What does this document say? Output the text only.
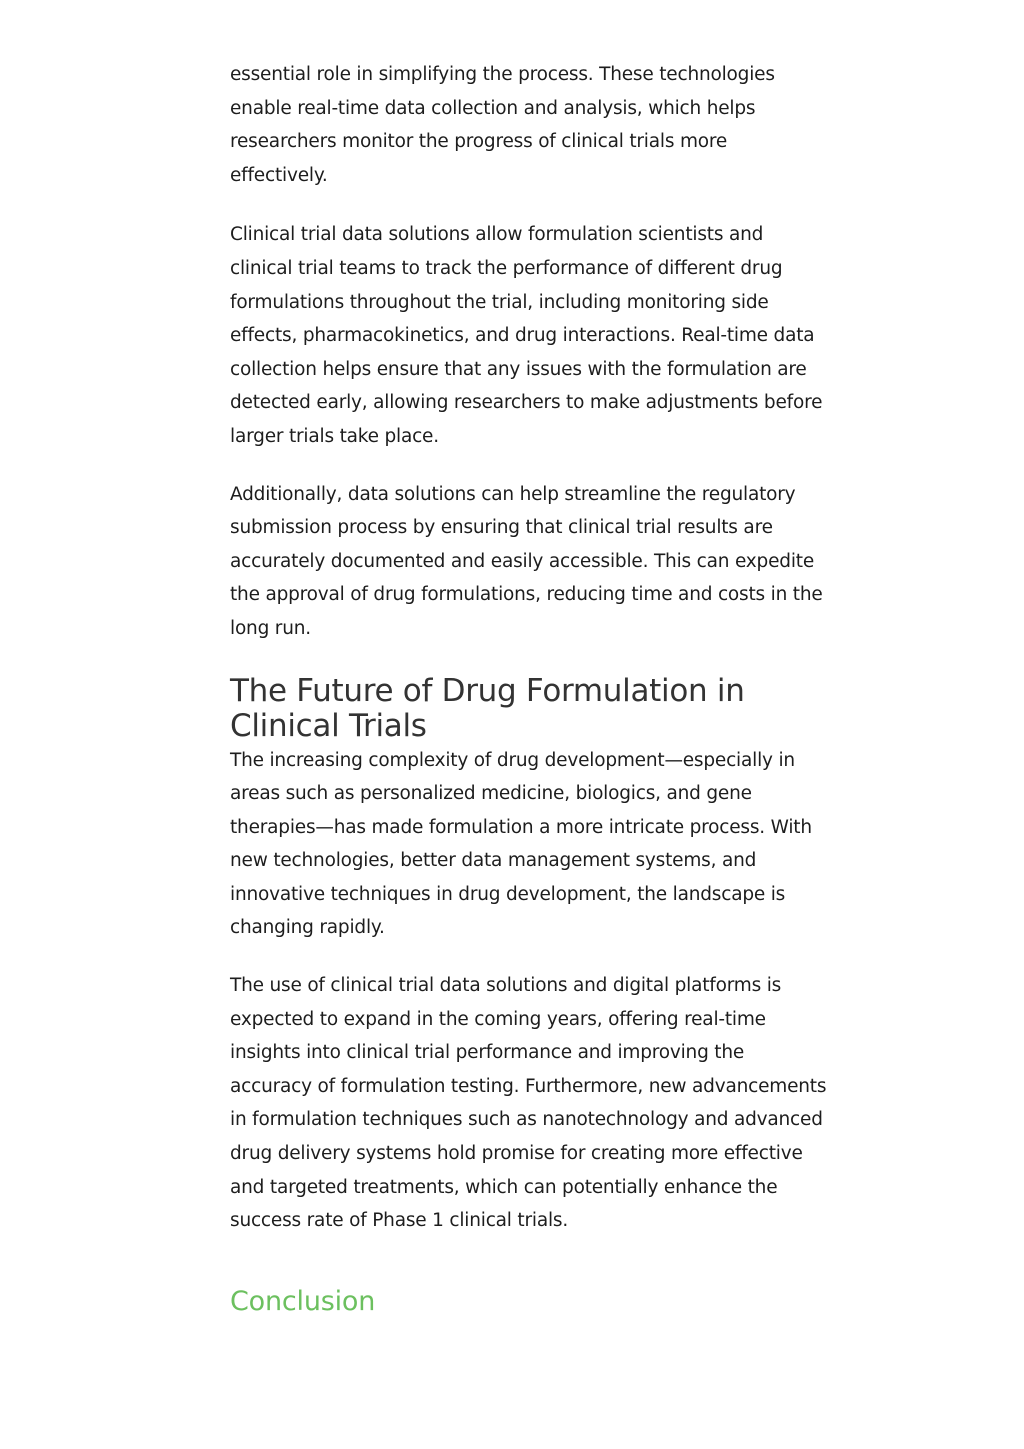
essential role in simplifying the process. These technologies enable real-time data collection and analysis, which helps researchers monitor the progress of clinical trials more effectively.

Clinical trial data solutions allow formulation scientists and clinical trial teams to track the performance of different drug formulations throughout the trial, including monitoring side effects, pharmacokinetics, and drug interactions. Real-time data collection helps ensure that any issues with the formulation are detected early, allowing researchers to make adjustments before larger trials take place.

Additionally, data solutions can help streamline the regulatory submission process by ensuring that clinical trial results are accurately documented and easily accessible. This can expedite the approval of drug formulations, reducing time and costs in the long run.

The Future of Drug Formulation in Clinical Trials

The increasing complexity of drug development—especially in areas such as personalized medicine, biologics, and gene therapies—has made formulation a more intricate process. With new technologies, better data management systems, and innovative techniques in drug development, the landscape is changing rapidly.

The use of clinical trial data solutions and digital platforms is expected to expand in the coming years, offering real-time insights into clinical trial performance and improving the accuracy of formulation testing. Furthermore, new advancements in formulation techniques such as nanotechnology and advanced drug delivery systems hold promise for creating more effective and targeted treatments, which can potentially enhance the success rate of Phase 1 clinical trials.

Conclusion
